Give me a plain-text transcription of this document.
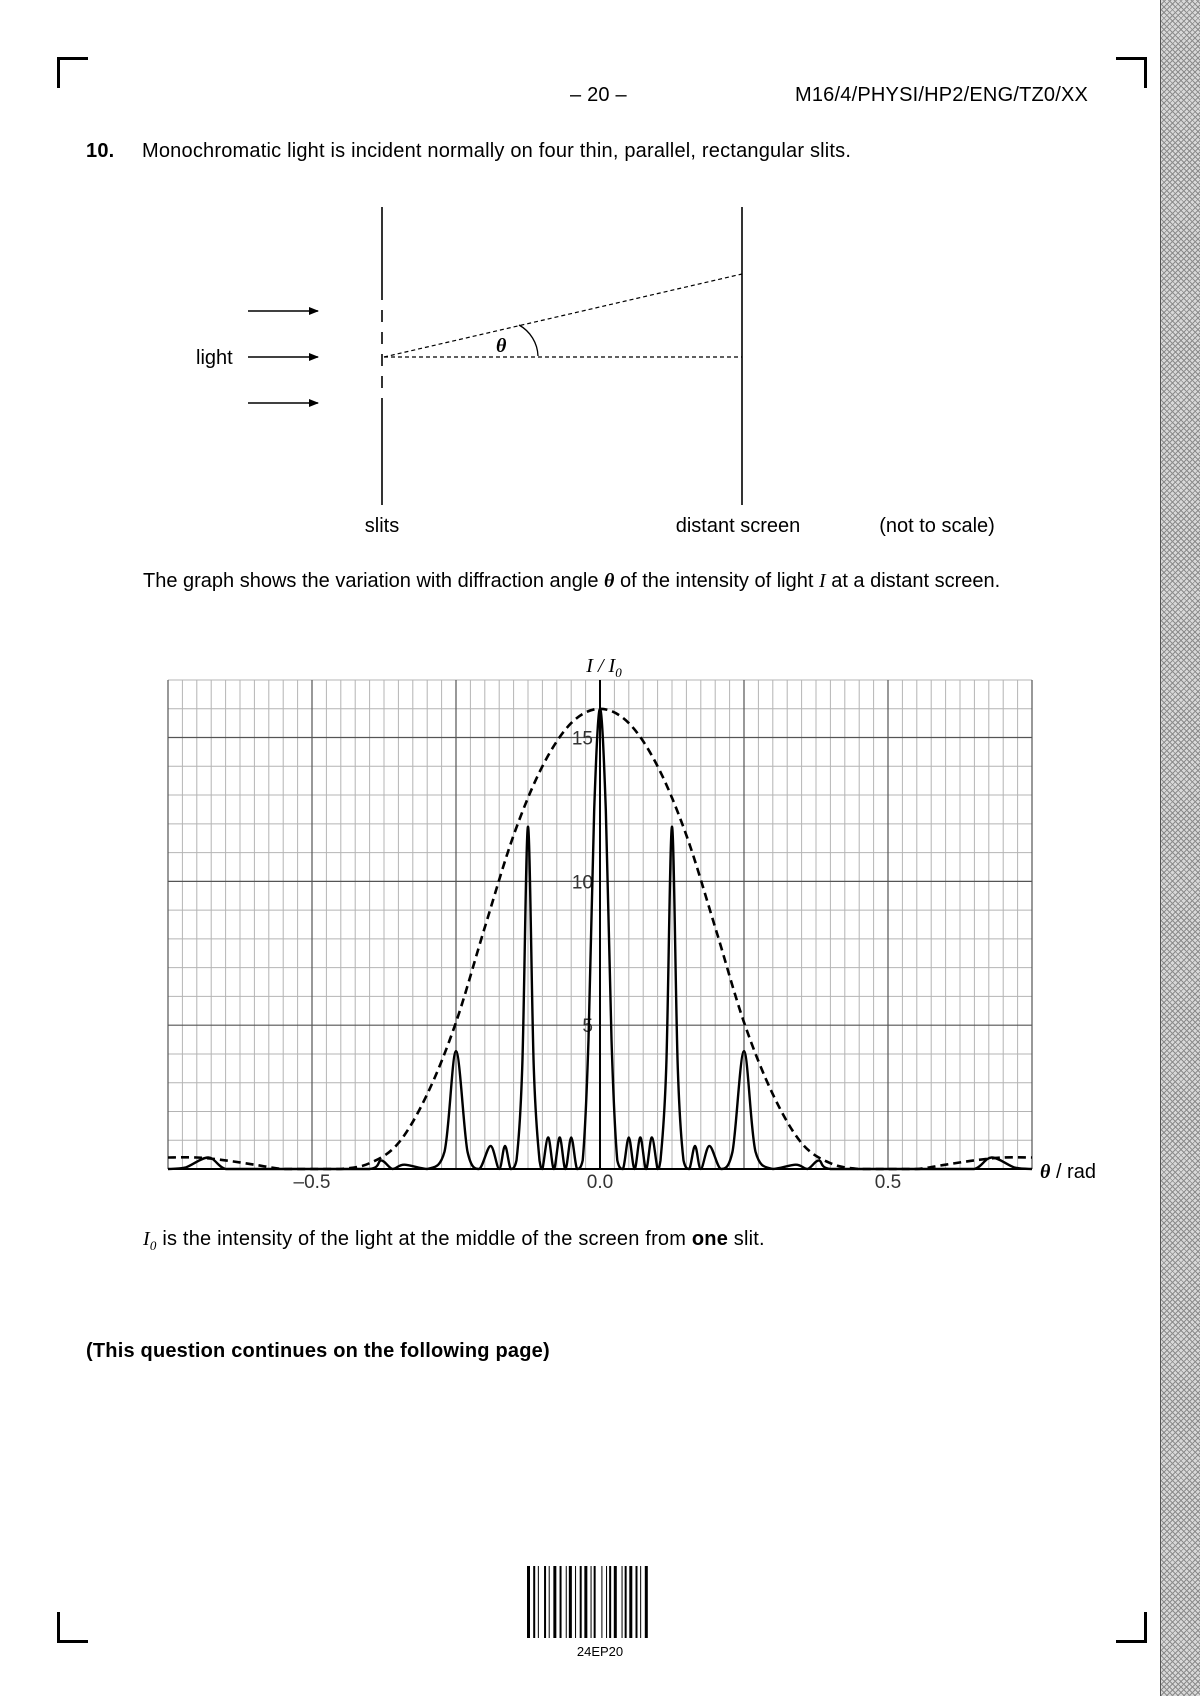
– 20 –	M16/4/PHYSI/HP2/ENG/TZ0/XX
10. Monochromatic light is incident normally on four thin, parallel, rectangular slits.
θ
light
slits	distant screen	(not to scale)
The graph shows the variation with diffraction angle θ of the intensity of light I at a distant screen.
5
10
15
–0.5	0.0	0.5
I / $I_0$
θ / rad
$I_0$ is the intensity of the light at the middle of the screen from one slit.
(This question continues on the following page)
24EP20
